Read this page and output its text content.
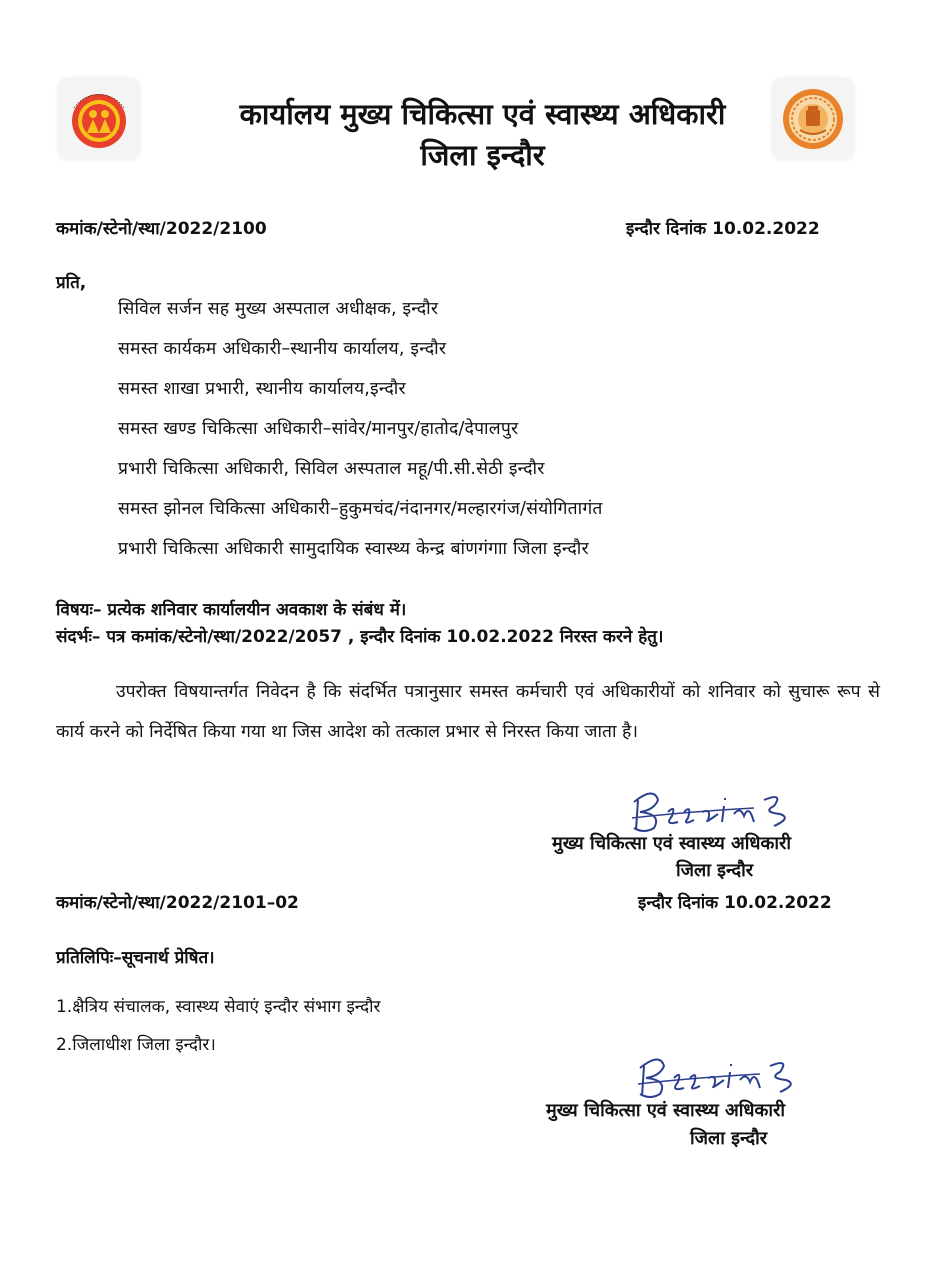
कार्यालय मुख्य चिकित्सा एवं स्वास्थ्य अधिकारी
जिला इन्दौर
कमांक/स्टेनो/स्था/2022/2100	इन्दौर दिनांक 10.02.2022
प्रति,
सिविल सर्जन सह मुख्य अस्पताल अधीक्षक, इन्दौर
समस्त कार्यकम अधिकारी–स्थानीय कार्यालय, इन्दौर
समस्त शाखा प्रभारी, स्थानीय कार्यालय,इन्दौर
समस्त खण्ड चिकित्सा अधिकारी–सांवेर/मानपुर/हातोद/देपालपुर
प्रभारी चिकित्सा अधिकारी, सिविल अस्पताल महू/पी.सी.सेठी इन्दौर
समस्त झोनल चिकित्सा अधिकारी–हुकुमचंद/नंदानगर/मल्हारगंज/संयोगितागंत
प्रभारी चिकित्सा अधिकारी सामुदायिक स्वास्थ्य केन्द्र बांणगंगाा जिला इन्दौर
विषयः– प्रत्येक शनिवार कार्यालयीन अवकाश के संबंध में।
संदर्भः– पत्र कमांक/स्टेनो/स्था/2022/2057 , इन्दौर दिनांक 10.02.2022 निरस्त करने हेतु।
उपरोक्त विषयान्तर्गत निवेदन है कि संदर्भित पत्रानुसार समस्त कर्मचारी एवं अधिकारीयों को शनिवार को सुचारू रूप से कार्य करने को निर्देषित किया गया था जिस आदेश को तत्काल प्रभार से निरस्त किया जाता है।
मुख्य चिकित्सा एवं स्वास्थ्य अधिकारी
जिला इन्दौर
कमांक/स्टेनो/स्था/2022/2101–02	इन्दौर दिनांक 10.02.2022
प्रतिलिपिः–सूचनार्थ प्रेषित।
1.क्षैत्रिय संचालक, स्वास्थ्य सेवाएं इन्दौर संभाग इन्दौर
2.जिलाधीश जिला इन्दौर।
मुख्य चिकित्सा एवं स्वास्थ्य अधिकारी
जिला इन्दौर
